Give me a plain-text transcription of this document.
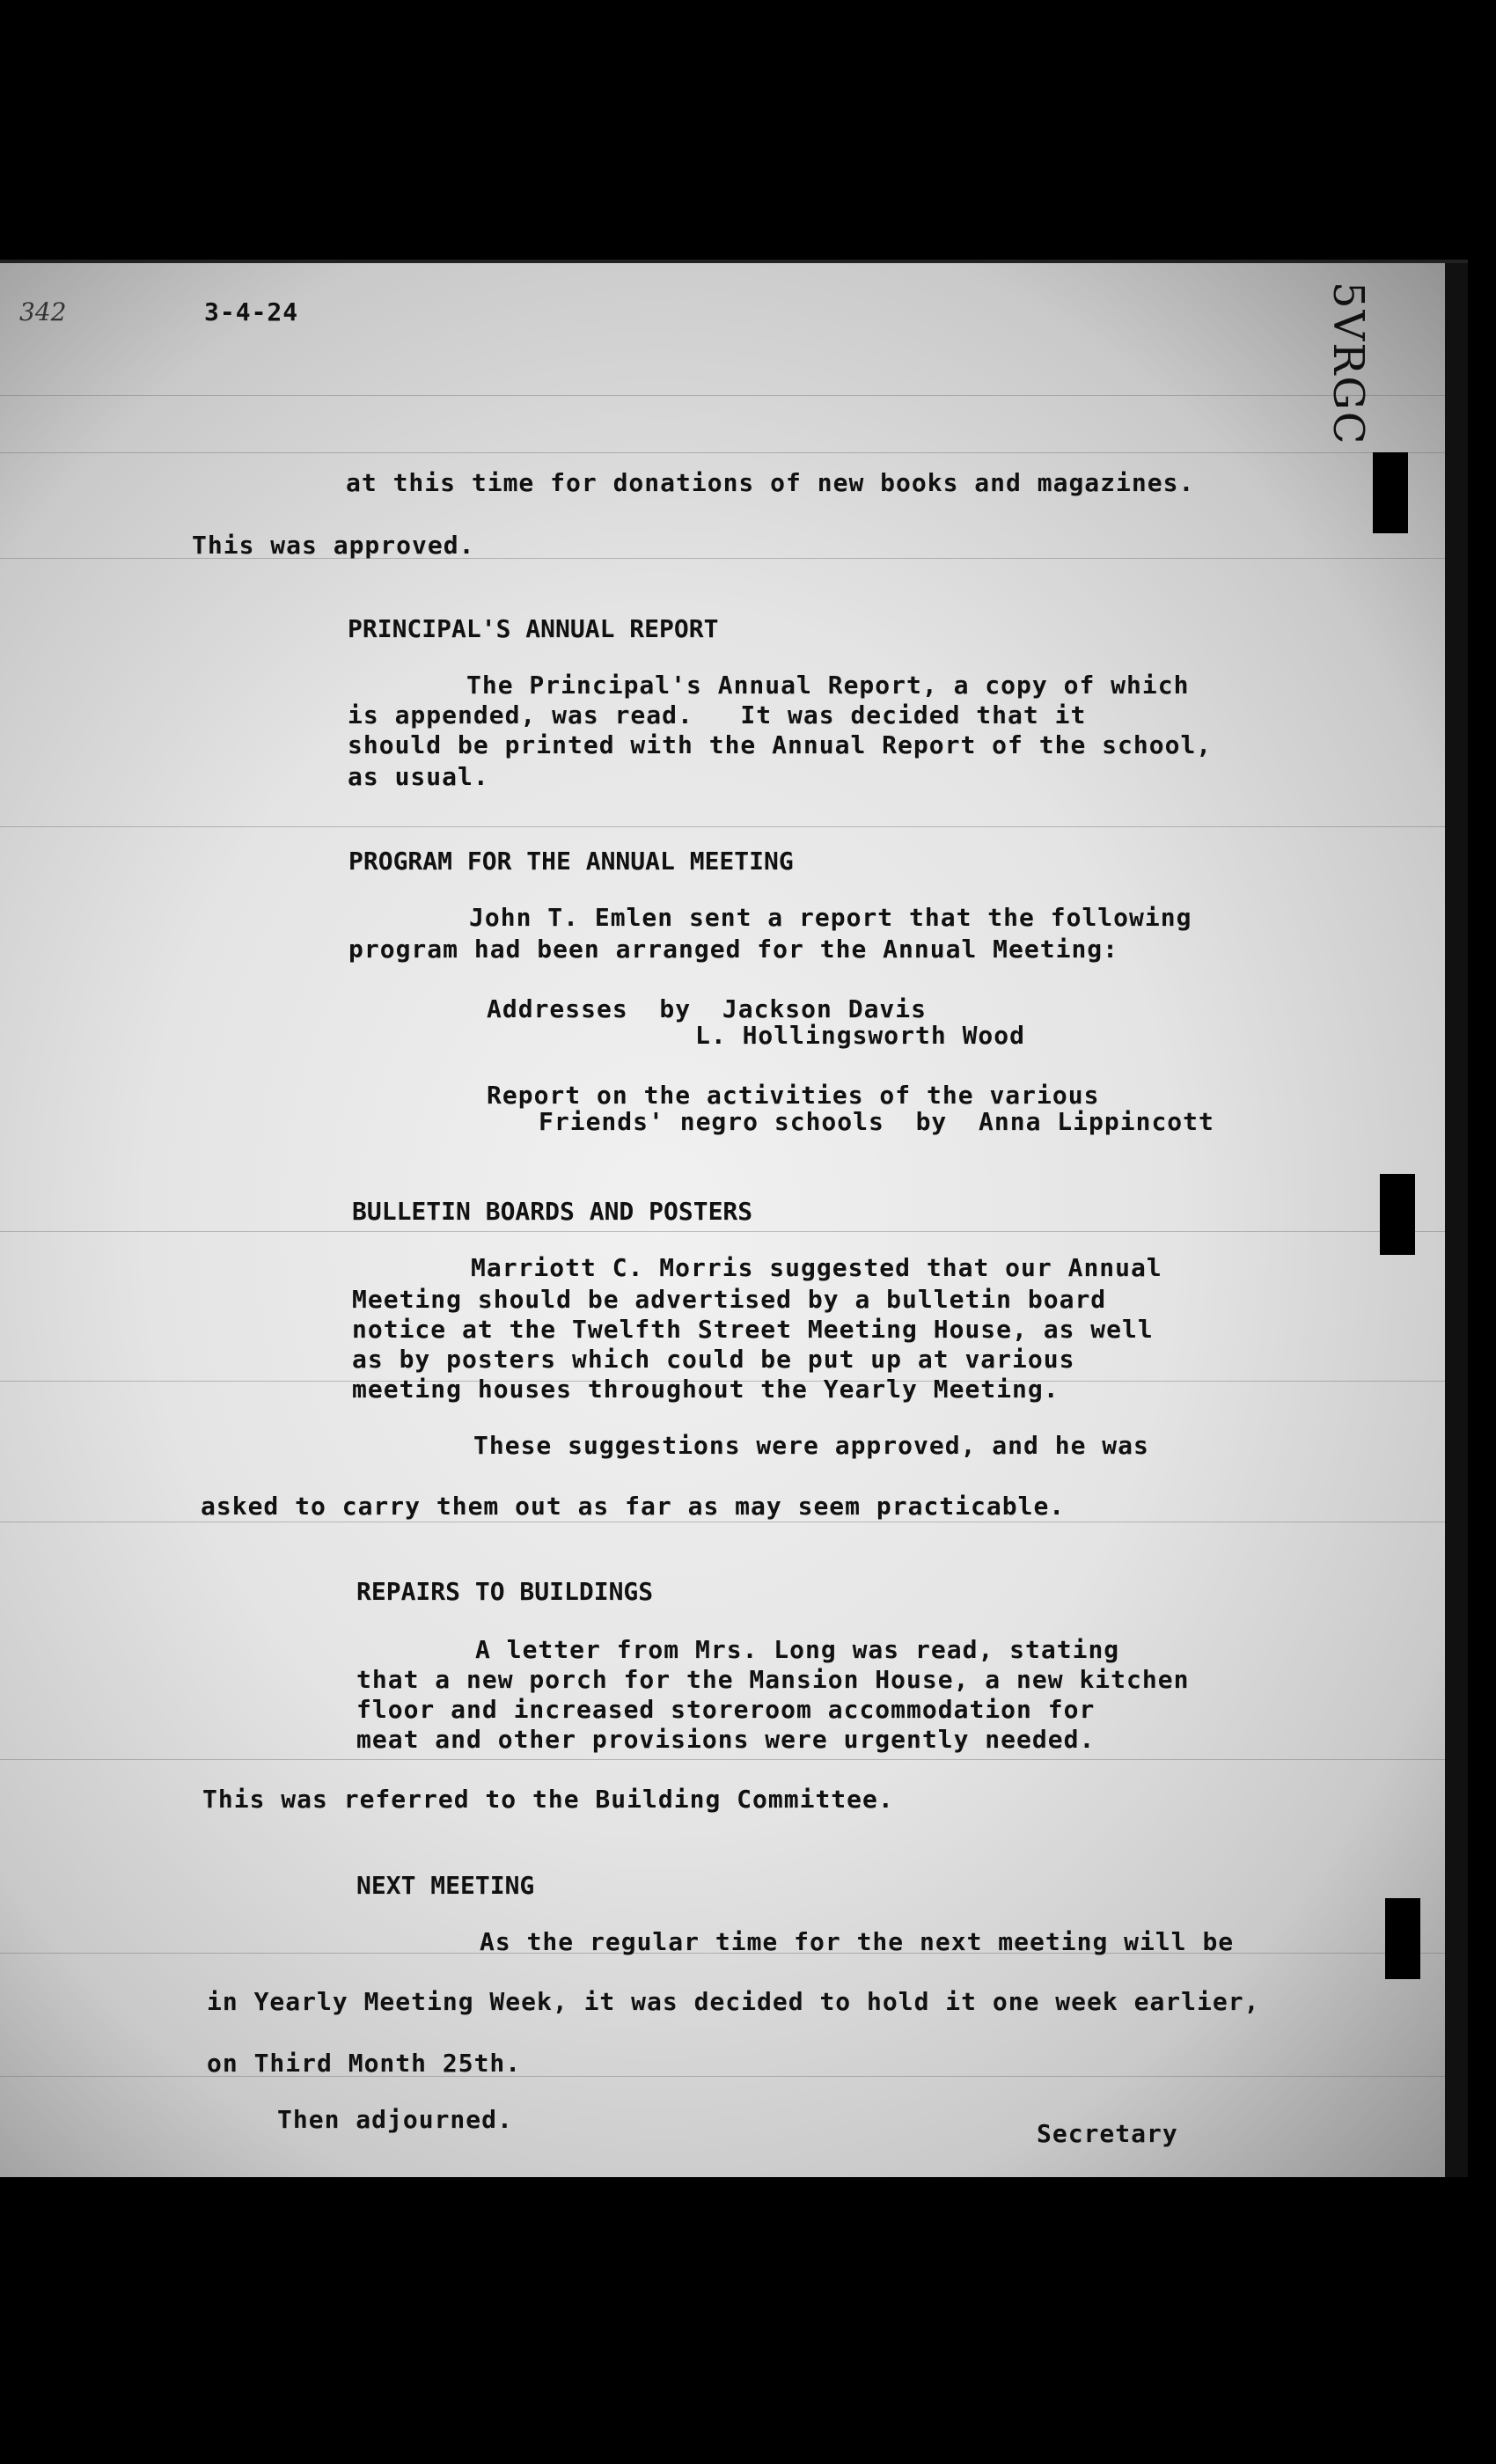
5VRGC
342	3-4-24
at this time for donations of new books and magazines.
This was approved.
PRINCIPAL'S ANNUAL REPORT
The Principal's Annual Report, a copy of which
is appended, was read.   It was decided that it
should be printed with the Annual Report of the school,
as usual.
PROGRAM FOR THE ANNUAL MEETING
John T. Emlen sent a report that the following
program had been arranged for the Annual Meeting:
Addresses  by  Jackson Davis
L. Hollingsworth Wood
Report on the activities of the various
Friends' negro schools  by  Anna Lippincott
BULLETIN BOARDS AND POSTERS
Marriott C. Morris suggested that our Annual
Meeting should be advertised by a bulletin board
notice at the Twelfth Street Meeting House, as well
as by posters which could be put up at various
meeting houses throughout the Yearly Meeting.
These suggestions were approved, and he was
asked to carry them out as far as may seem practicable.
REPAIRS TO BUILDINGS
A letter from Mrs. Long was read, stating
that a new porch for the Mansion House, a new kitchen
floor and increased storeroom accommodation for
meat and other provisions were urgently needed.
This was referred to the Building Committee.
NEXT MEETING
As the regular time for the next meeting will be
in Yearly Meeting Week, it was decided to hold it one week earlier,
on Third Month 25th.
Then adjourned.	Secretary
